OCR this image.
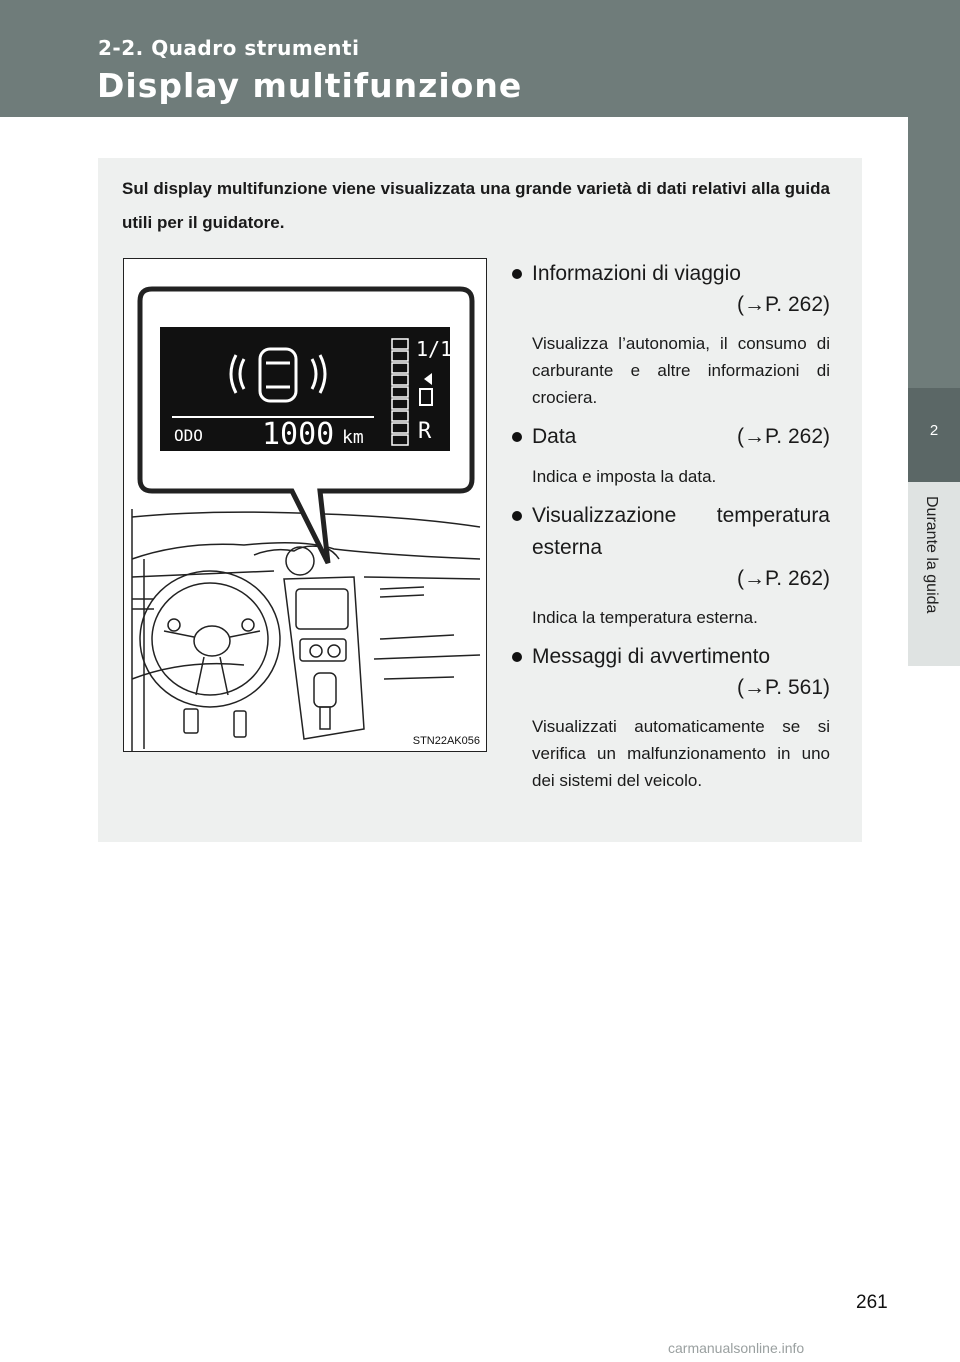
2-2. Quadro strumenti
Display multifunzione
2
Durante la guida
Sul display multifunzione viene visualizzata una grande varietà di dati relativi alla guida utili per il guidatore.
1/1
R
ODO 1000 km
STN22AK056
Informazioni di viaggio
(→P. 262)
Visualizza l’autonomia, il consumo di carburante e altre informazioni di crociera.
Data	(→P. 262)
Indica e imposta la data.
Visualizzazione temperatura esterna
(→P. 262)
Indica la temperatura esterna.
Messaggi di avvertimento
(→P. 561)
Visualizzati automaticamente se si verifica un malfunzionamento in uno dei sistemi del veicolo.
261
carmanualsonline.info
